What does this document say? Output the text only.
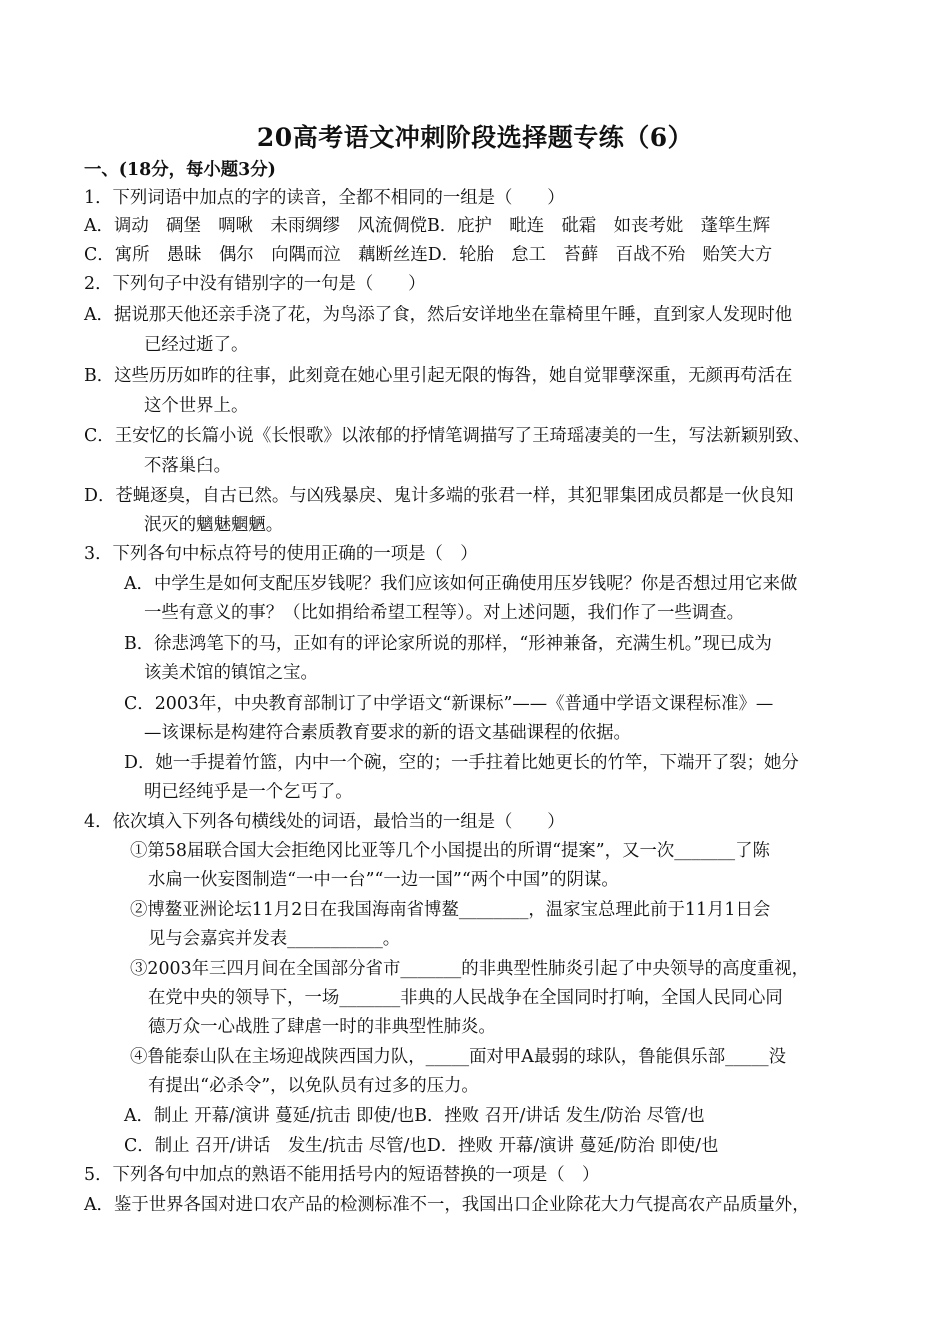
20高考语文冲刺阶段选择题专练（6）
一、(18分，每小题3分)
1．下列词语中加点的字的读音，全都不相同的一组是（　　）
A．调动　碉堡　啁啾　未雨绸缪　风流倜傥 B．庇护　毗连　砒霜　如丧考妣　蓬筚生辉
C．寓所　愚昧　偶尔　向隅而泣　藕断丝连 D．轮胎　怠工　苔藓　百战不殆　贻笑大方
2．下列句子中没有错别字的一句是（　　）
A．据说那天他还亲手浇了花，为鸟添了食，然后安详地坐在靠椅里午睡，直到家人发现时他
已经过逝了。
B．这些历历如昨的往事，此刻竟在她心里引起无限的悔咎，她自觉罪孽深重，无颜再苟活在
这个世界上。
C．王安忆的长篇小说《长恨歌》以浓郁的抒情笔调描写了王琦瑶凄美的一生，写法新颖别致、
不落巢臼。
D．苍蝇逐臭，自古已然。与凶残暴戾、鬼计多端的张君一样，其犯罪集团成员都是一伙良知
泯灭的魑魅魍魉。
3．下列各句中标点符号的使用正确的一项是（　）
A．中学生是如何支配压岁钱呢？我们应该如何正确使用压岁钱呢？你是否想过用它来做
一些有意义的事？（比如捐给希望工程等）。对上述问题，我们作了一些调查。
B．徐悲鸿笔下的马，正如有的评论家所说的那样，“形神兼备，充满生机。”现已成为
该美术馆的镇馆之宝。
C．2003年，中央教育部制订了中学语文“新课标”——《普通中学语文课程标准》—
—该课标是构建符合素质教育要求的新的语文基础课程的依据。
D．她一手提着竹篮，内中一个碗，空的；一手拄着比她更长的竹竿，下端开了裂；她分
明已经纯乎是一个乞丐了。
4．依次填入下列各句横线处的词语，最恰当的一组是（　　）
①第58届联合国大会拒绝冈比亚等几个小国提出的所谓“提案”，又一次_______了陈
水扁一伙妄图制造“一中一台”“一边一国”“两个中国”的阴谋。
②博鳌亚洲论坛11月2日在我国海南省博鳌________，温家宝总理此前于11月1日会
见与会嘉宾并发表___________。
③2003年三四月间在全国部分省市_______的非典型性肺炎引起了中央领导的高度重视，
在党中央的领导下，一场_______非典的人民战争在全国同时打响，全国人民同心同
德万众一心战胜了肆虐一时的非典型性肺炎。
④鲁能泰山队在主场迎战陕西国力队，_____面对甲A最弱的球队，鲁能俱乐部_____没
有提出“必杀令”，以免队员有过多的压力。
A．制止 开幕/演讲 蔓延/抗击 即使/也 B．挫败 召开/讲话 发生/防治 尽管/也
C．制止 召开/讲话　发生/抗击 尽管/也 D．挫败 开幕/演讲 蔓延/防治 即使/也
5．下列各句中加点的熟语不能用括号内的短语替换的一项是（　）
A．鉴于世界各国对进口农产品的检测标准不一，我国出口企业除花大力气提高农产品质量外，
